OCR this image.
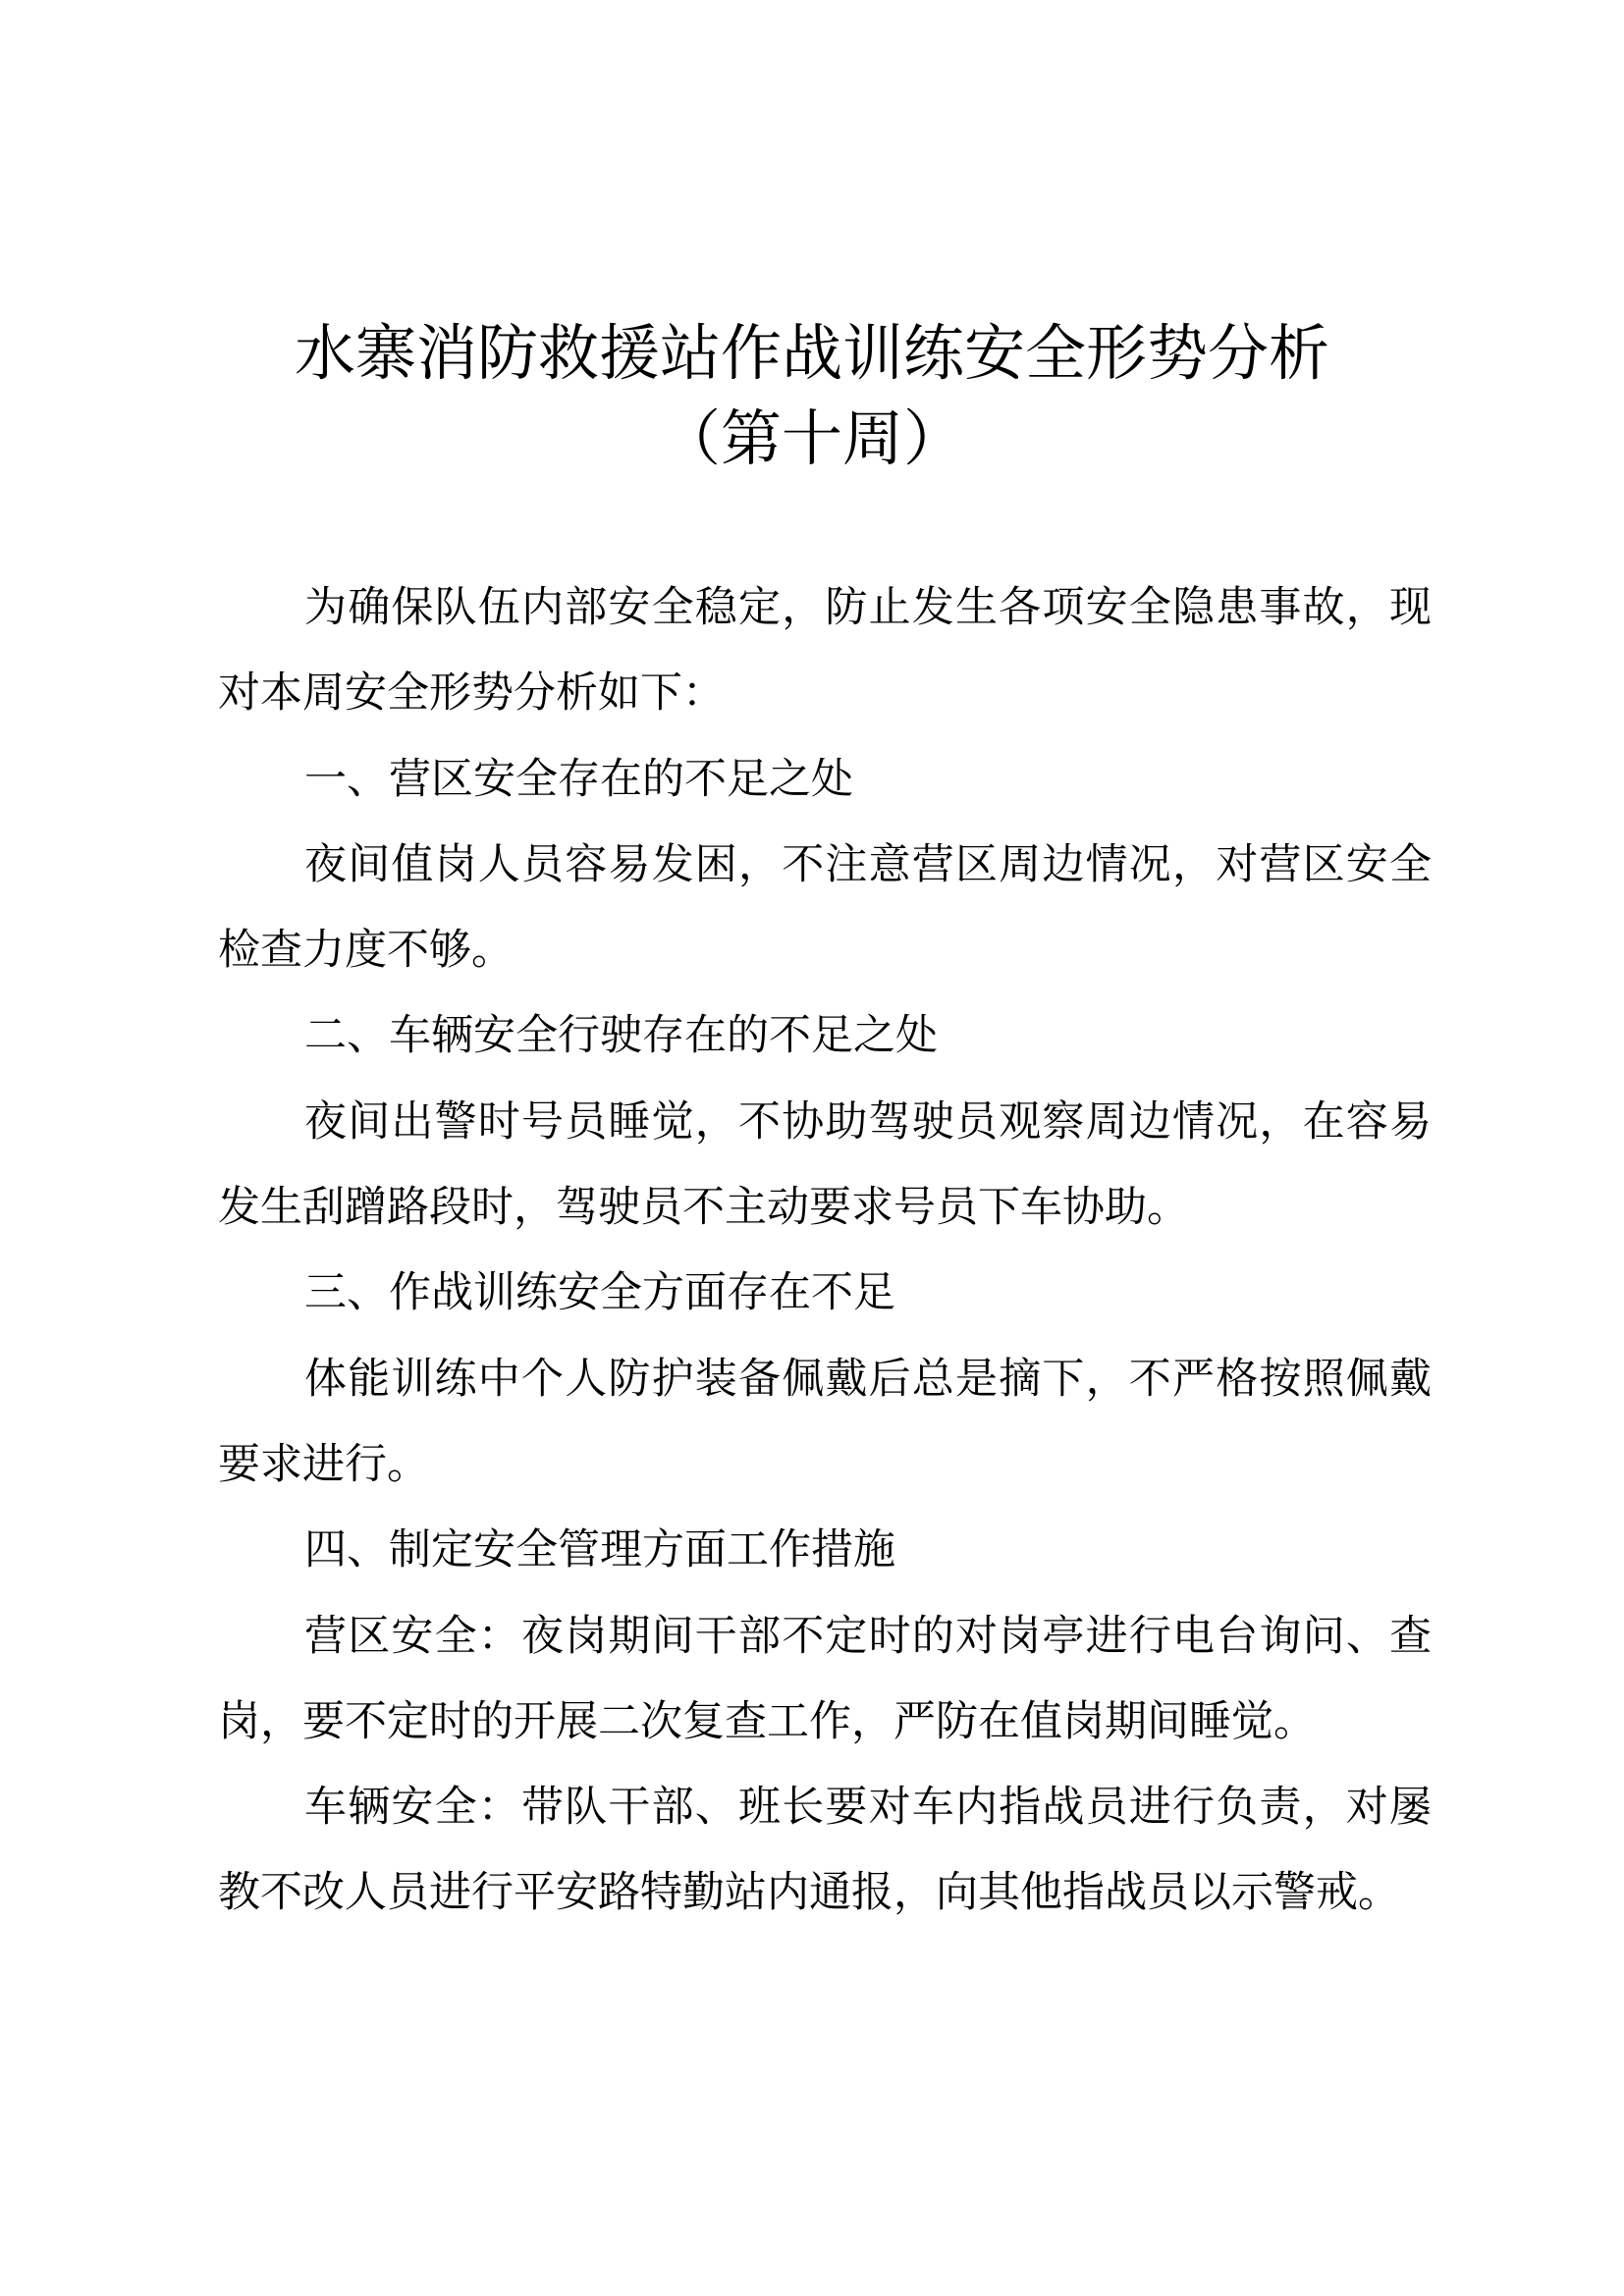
水寨消防救援站作战训练安全形势分析
（第十周）
为确保队伍内部安全稳定，防止发生各项安全隐患事故，现
对本周安全形势分析如下：
一、营区安全存在的不足之处
夜间值岗人员容易发困，不注意营区周边情况，对营区安全
检查力度不够。
二、车辆安全行驶存在的不足之处
夜间出警时号员睡觉，不协助驾驶员观察周边情况，在容易
发生刮蹭路段时，驾驶员不主动要求号员下车协助。
三、作战训练安全方面存在不足
体能训练中个人防护装备佩戴后总是摘下，不严格按照佩戴
要求进行。
四、制定安全管理方面工作措施
营区安全：夜岗期间干部不定时的对岗亭进行电台询问、查
岗，要不定时的开展二次复查工作，严防在值岗期间睡觉。
车辆安全：带队干部、班长要对车内指战员进行负责，对屡
教不改人员进行平安路特勤站内通报，向其他指战员以示警戒。
